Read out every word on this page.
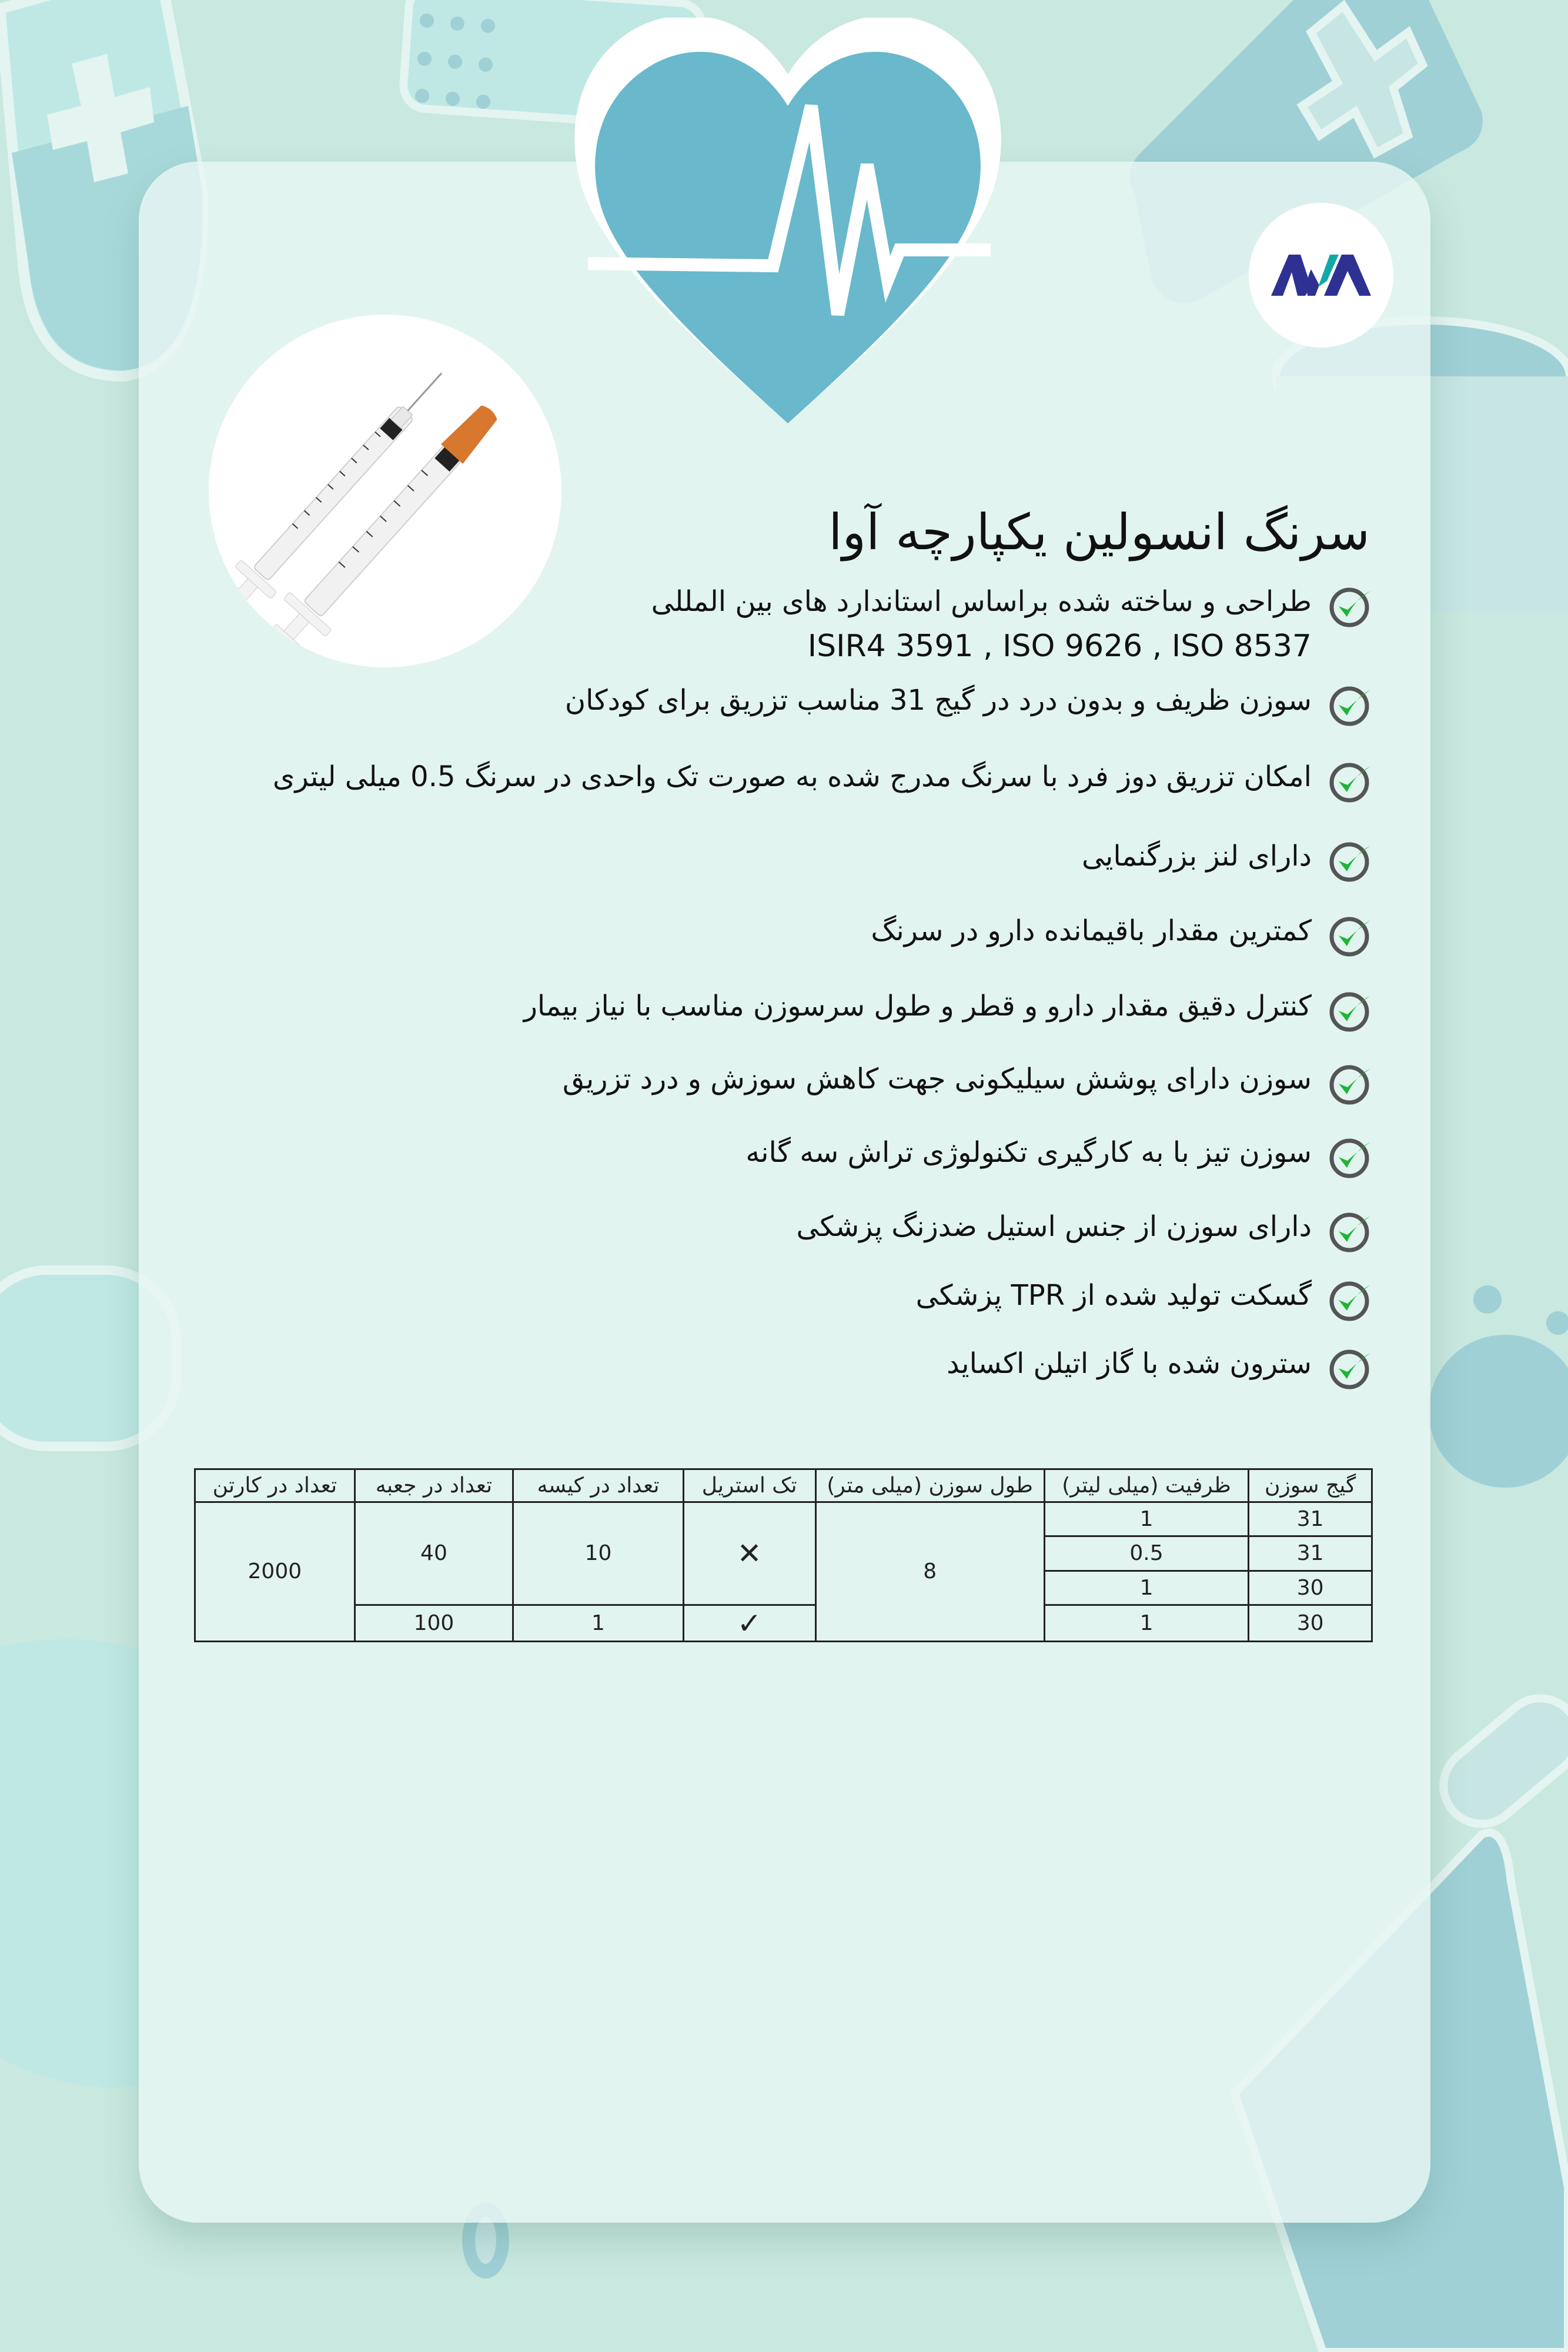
سرنگ انسولین یکپارچه آوا
طراحی و ساخته شده براساس استاندارد های بین المللی
ISIR4 3591 , ISO 9626 , ISO 8537
سوزن ظریف و بدون درد در گیج 31 مناسب تزریق برای کودکان
امکان تزریق دوز فرد با سرنگ مدرج شده به صورت تک واحدی در سرنگ 0.5 میلی لیتری
دارای لنز بزرگنمایی
کمترین مقدار باقیمانده دارو در سرنگ
کنترل دقیق مقدار دارو و قطر و طول سرسوزن مناسب با نیاز بیمار
سوزن دارای پوشش سیلیکونی جهت کاهش سوزش و درد تزریق
سوزن تیز با به کارگیری تکنولوژی تراش سه گانه
دارای سوزن از جنس استیل ضدزنگ پزشکی
گسکت تولید شده از TPR پزشکی
سترون شده با گاز اتیلن اکساید
گیج سوزن	ظرفیت (میلی لیتر)	طول سوزن (میلی متر)	تک استریل	تعداد در کیسه	تعداد در جعبه	تعداد در کارتن
31	1	8	✕	10	40	2000
31	0.5					
30	1					
30	1		✓	1	100	
